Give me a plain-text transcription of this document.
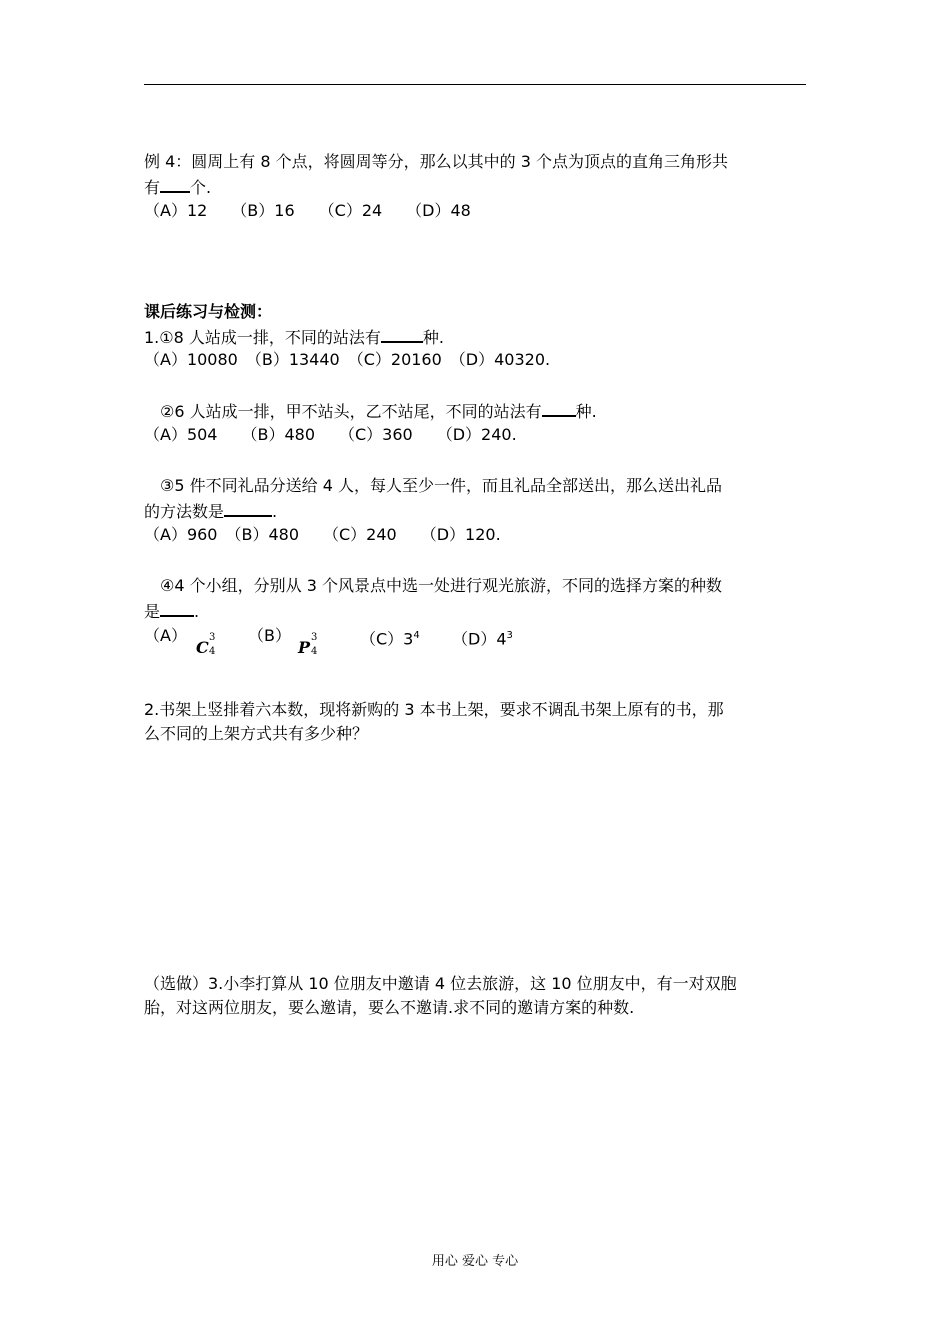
例 4：圆周上有 8 个点，将圆周等分，那么以其中的 3 个点为顶点的直角三角形共
有 个.
（A）12　　（B）16　　（C）24　　（D）48
课后练习与检测：
1.①8 人站成一排，不同的站法有	种.
（A）10080　（B）13440　（C）20160　（D）40320.
②6 人站成一排，甲不站头，乙不站尾，不同的站法有 种.
（A）504　　（B）480　　（C）360　　（D）240.
③5 件不同礼品分送给 4 人，每人至少一件，而且礼品全部送出，那么送出礼品
的方法数是	.
（A）960　（B）480　　（C）240　　（D）120.
④4 个小组，分别从 3 个风景点中选一处进行观光旅游，不同的选择方案的种数
是 .
（A）
C
3
4
（B）
P
3
4
$(C)3^4$ $(D)4^3$
2.书架上竖排着六本数，现将新购的 3 本书上架，要求不调乱书架上原有的书，那
么不同的上架方式共有多少种？
（选做）3.小李打算从 10 位朋友中邀请 4 位去旅游，这 10 位朋友中，有一对双胞
胎，对这两位朋友，要么邀请，要么不邀请.求不同的邀请方案的种数.
用心 爱心 专心
